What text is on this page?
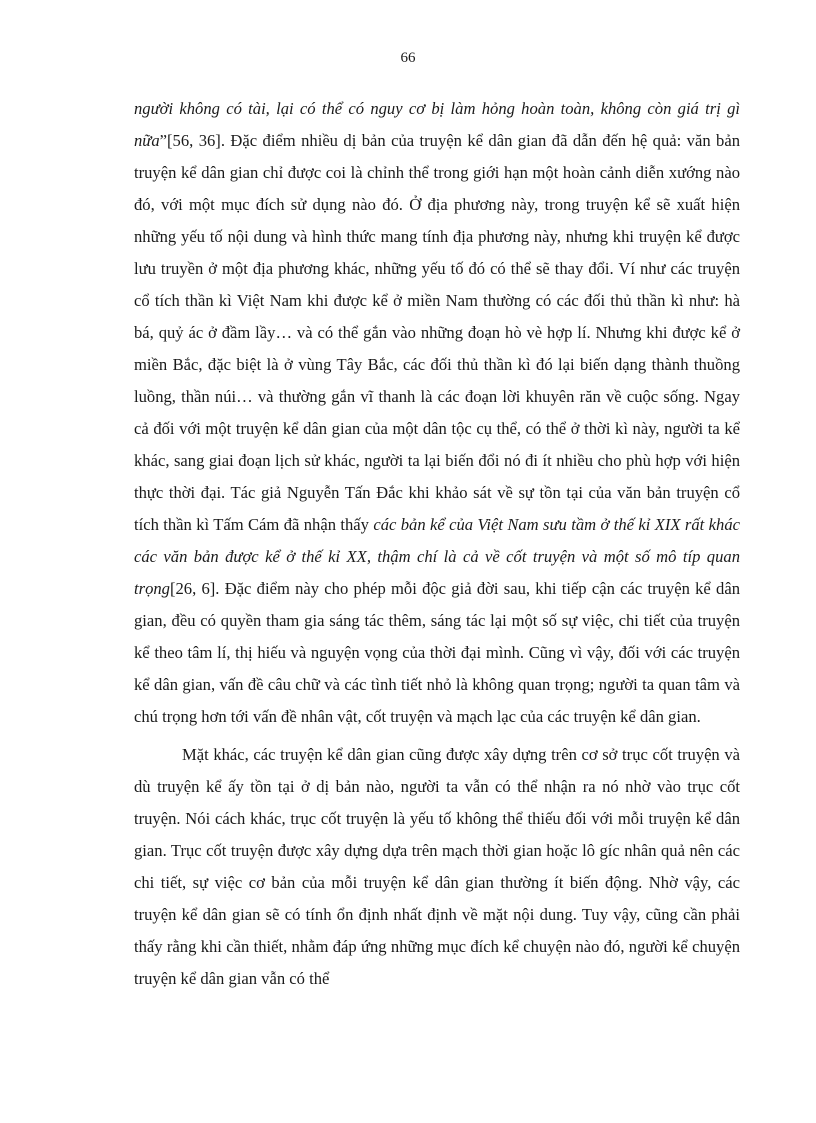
66

người không có tài, lại có thể có nguy cơ bị làm hỏng hoàn toàn, không còn giá trị gì nữa”[56, 36]. Đặc điểm nhiều dị bản của truyện kể dân gian đã dẫn đến hệ quả: văn bản truyện kể dân gian chỉ được coi là chỉnh thể trong giới hạn một hoàn cảnh diễn xướng nào đó, với một mục đích sử dụng nào đó. Ở địa phương này, trong truyện kể sẽ xuất hiện những yếu tố nội dung và hình thức mang tính địa phương này, nhưng khi truyện kể được lưu truyền ở một địa phương khác, những yếu tố đó có thể sẽ thay đổi. Ví như các truyện cổ tích thần kì Việt Nam khi được kể ở miền Nam thường có các đối thủ thần kì như: hà bá, quỷ ác ở đầm lầy… và có thể gắn vào những đoạn hò vè hợp lí. Nhưng khi được kể ở miền Bắc, đặc biệt là ở vùng Tây Bắc, các đối thủ thần kì đó lại biến dạng thành thuồng luồng, thần núi… và thường gắn vĩ thanh là các đoạn lời khuyên răn về cuộc sống. Ngay cả đối với một truyện kể dân gian của một dân tộc cụ thể, có thể ở thời kì này, người ta kể khác, sang giai đoạn lịch sử khác, người ta lại biến đổi nó đi ít nhiều cho phù hợp với hiện thực thời đại. Tác giả Nguyễn Tấn Đắc khi khảo sát về sự tồn tại của văn bản truyện cổ tích thần kì Tấm Cám đã nhận thấy các bản kể của Việt Nam sưu tầm ở thế kỉ XIX rất khác các văn bản được kể ở thế kỉ XX, thậm chí là cả về cốt truyện và một số mô típ quan trọng[26, 6]. Đặc điểm này cho phép mỗi độc giả đời sau, khi tiếp cận các truyện kể dân gian, đều có quyền tham gia sáng tác thêm, sáng tác lại một số sự việc, chi tiết của truyện kể theo tâm lí, thị hiếu và nguyện vọng của thời đại mình. Cũng vì vậy, đối với các truyện kể dân gian, vấn đề câu chữ và các tình tiết nhỏ là không quan trọng; người ta quan tâm và chú trọng hơn tới vấn đề nhân vật, cốt truyện và mạch lạc của các truyện kể dân gian.

Mặt khác, các truyện kể dân gian cũng được xây dựng trên cơ sở trục cốt truyện và dù truyện kể ấy tồn tại ở dị bản nào, người ta vẫn có thể nhận ra nó nhờ vào trục cốt truyện. Nói cách khác, trục cốt truyện là yếu tố không thể thiếu đối với mỗi truyện kể dân gian. Trục cốt truyện được xây dựng dựa trên mạch thời gian hoặc lô gíc nhân quả nên các chi tiết, sự việc cơ bản của mỗi truyện kể dân gian thường ít biến động. Nhờ vậy, các truyện kể dân gian sẽ có tính ổn định nhất định về mặt nội dung. Tuy vậy, cũng cần phải thấy rằng khi cần thiết, nhằm đáp ứng những mục đích kể chuyện nào đó, người kể chuyện truyện kể dân gian vẫn có thể
